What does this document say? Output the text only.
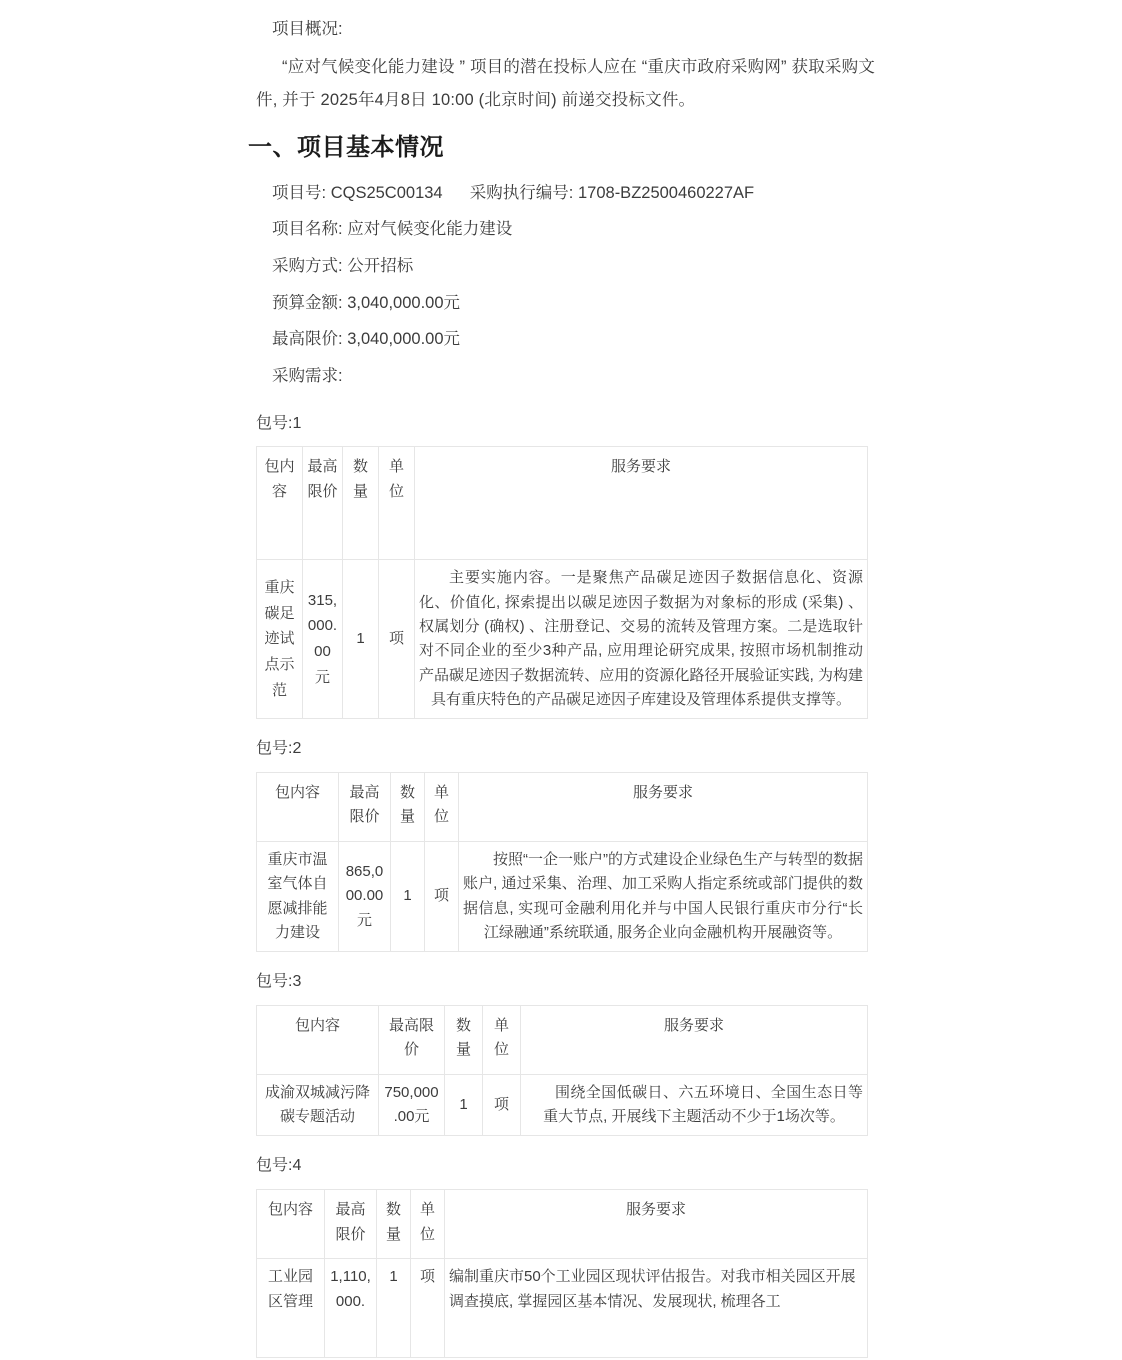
项目概况:

“应对气候变化能力建设 ” 项目的潜在投标人应在 “重庆市政府采购网” 获取采购文件, 并于 2025年4月8日 10:00 (北京时间) 前递交投标文件。

一、项目基本情况
项目号: CQS25C00134 采购执行编号: 1708-BZ2500460227AF
项目名称: 应对气候变化能力建设
采购方式: 公开招标
预算金额: 3,040,000.00元
最高限价: 3,040,000.00元
采购需求:
包号:1
包内容	最高限价	数量	单位	服务要求
重庆碳足迹试点示范	315,000.00元	1	项	主要实施内容。一是聚焦产品碳足迹因子数据信息化、资源化、价值化, 探索提出以碳足迹因子数据为对象标的形成 (采集) 、权属划分 (确权) 、注册登记、交易的流转及管理方案。二是选取针对不同企业的至少3种产品, 应用理论研究成果, 按照市场机制推动产品碳足迹因子数据流转、应用的资源化路径开展验证实践, 为构建具有重庆特色的产品碳足迹因子库建设及管理体系提供支撑等。
包号:2
包内容	最高限价	数量	单位	服务要求
重庆市温室气体自愿减排能力建设	865,000.00元	1	项	按照“一企一账户”的方式建设企业绿色生产与转型的数据账户, 通过采集、治理、加工采购人指定系统或部门提供的数据信息, 实现可金融利用化并与中国人民银行重庆市分行“长江绿融通”系统联通, 服务企业向金融机构开展融资等。
包号:3
包内容	最高限价	数量	单位	服务要求
成渝双城减污降碳专题活动	750,000.00元	1	项	围绕全国低碳日、六五环境日、全国生态日等重大节点, 开展线下主题活动不少于1场次等。
包号:4
包内容	最高限价	数量	单位	服务要求
工业园区管理	1,110,000.	1	项	编制重庆市50个工业园区现状评估报告。对我市相关园区开展调查摸底, 掌握园区基本情况、发展现状, 梳理各工
